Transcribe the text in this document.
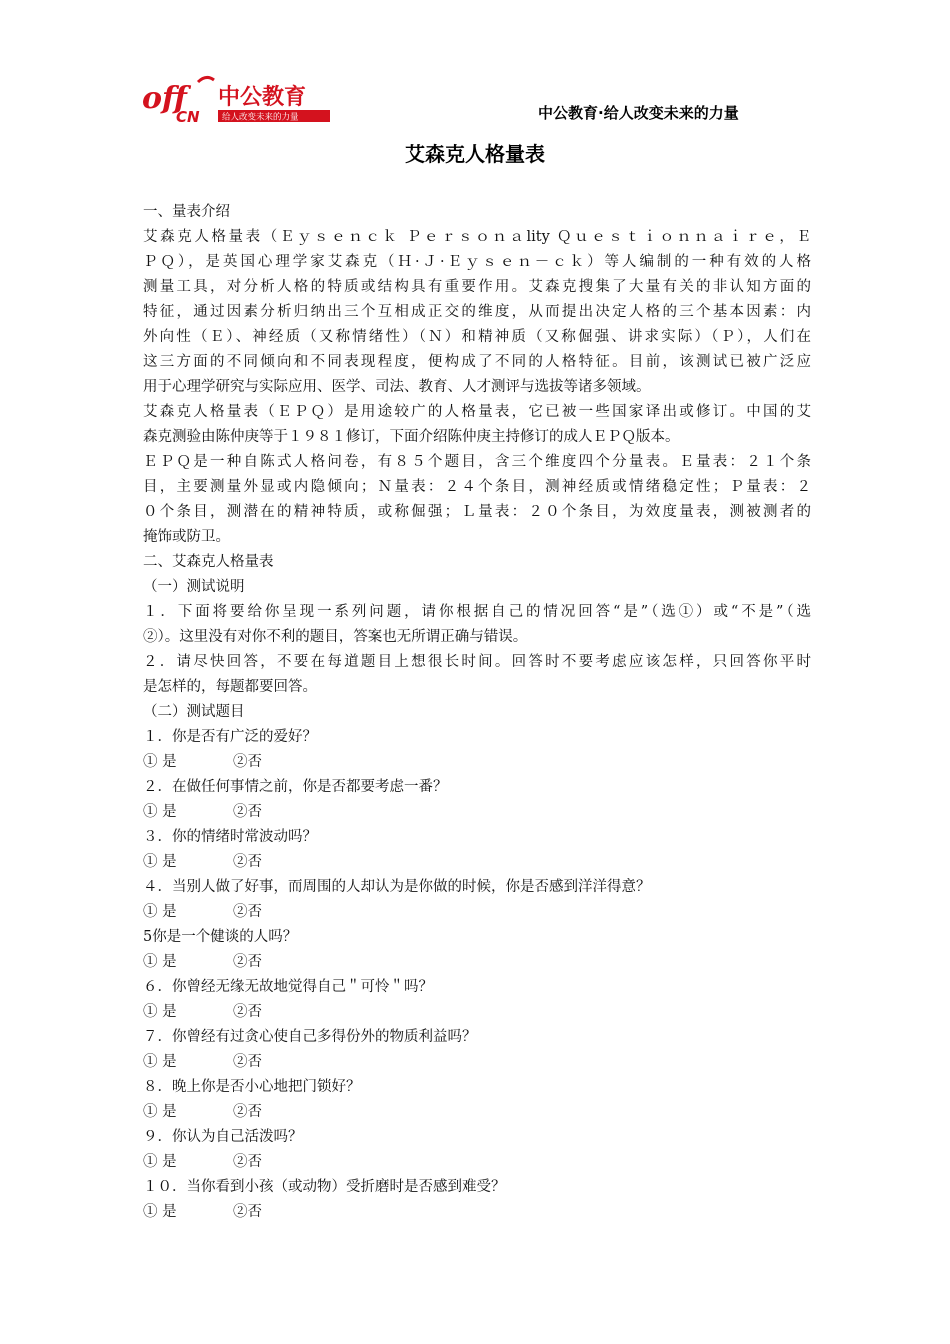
off
CN
中公教育
给人改变未来的力量	中公教育·给人改变未来的力量
艾森克人格量表
一、量表介绍
艾森克人格量表（Ｅｙｓｅｎｃｋ Ｐｅｒｓｏｎａlity Ｑｕｅｓｔｉｏｎｎａｉｒｅ，Ｅ
ＰＱ），是英国心理学家艾森克（Ｈ·Ｊ·Ｅｙｓｅｎ－ｃｋ）等人编制的一种有效的人格
测量工具，对分析人格的特质或结构具有重要作用。艾森克搜集了大量有关的非认知方面的
特征，通过因素分析归纳出三个互相成正交的维度，从而提出决定人格的三个基本因素：内
外向性（Ｅ）、神经质（又称情绪性）（Ｎ）和精神质（又称倔强、讲求实际）（Ｐ），人们在
这三方面的不同倾向和不同表现程度，便构成了不同的人格特征。目前，该测试已被广泛应
用于心理学研究与实际应用、医学、司法、教育、人才测评与选拔等诸多领域。
艾森克人格量表（ＥＰＱ）是用途较广的人格量表，它已被一些国家译出或修订。中国的艾
森克测验由陈仲庚等于１９８１修订，下面介绍陈仲庚主持修订的成人ＥＰＱ版本。
ＥＰＱ是一种自陈式人格问卷，有８５个题目，含三个维度四个分量表。Ｅ量表：２１个条
目，主要测量外显或内隐倾向；Ｎ量表：２４个条目，测神经质或情绪稳定性；Ｐ量表：２
０个条目，测潜在的精神特质，或称倔强；Ｌ量表：２０个条目，为效度量表，测被测者的
掩饰或防卫。
二、艾森克人格量表
（一）测试说明
１．下面将要给你呈现一系列问题，请你根据自己的情况回答“是”（选①）或“不是”（选
②）。这里没有对你不利的题目，答案也无所谓正确与错误。
２．请尽快回答，不要在每道题目上想很长时间。回答时不要考虑应该怎样，只回答你平时
是怎样的，每题都要回答。
（二）测试题目
１．你是否有广泛的爱好？
① 是	②否
２．在做任何事情之前，你是否都要考虑一番？
① 是	②否
３．你的情绪时常波动吗？
① 是	②否
４．当别人做了好事，而周围的人却认为是你做的时候，你是否感到洋洋得意？
① 是	②否
5你是一个健谈的人吗？
① 是	②否
６．你曾经无缘无故地觉得自己＂可怜＂吗？
① 是	②否
７．你曾经有过贪心使自己多得份外的物质利益吗？
① 是	②否
８．晚上你是否小心地把门锁好？
① 是	②否
９．你认为自己活泼吗？
① 是	②否
１０．当你看到小孩（或动物）受折磨时是否感到难受？
① 是	②否
